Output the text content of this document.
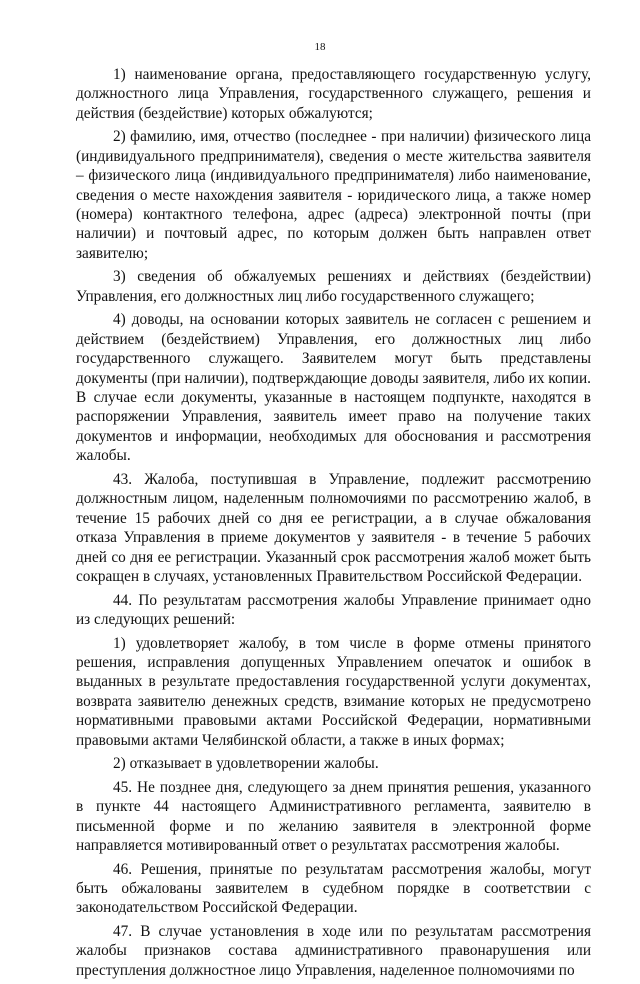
18

1) наименование органа, предоставляющего государственную услугу, должностного лица Управления, государственного служащего, решения и действия (бездействие) которых обжалуются;

2) фамилию, имя, отчество (последнее - при наличии) физического лица (индивидуального предпринимателя), сведения о месте жительства заявителя – физического лица (индивидуального предпринимателя) либо наименование, сведения о месте нахождения заявителя - юридического лица, а также номер (номера) контактного телефона, адрес (адреса) электронной почты (при наличии) и почтовый адрес, по которым должен быть направлен ответ заявителю;

3) сведения об обжалуемых решениях и действиях (бездействии) Управления, его должностных лиц либо государственного служащего;

4) доводы, на основании которых заявитель не согласен с решением и действием (бездействием) Управления, его должностных лиц либо государственного служащего. Заявителем могут быть представлены документы (при наличии), подтверждающие доводы заявителя, либо их копии. В случае если документы, указанные в настоящем подпункте, находятся в распоряжении Управления, заявитель имеет право на получение таких документов и информации, необходимых для обоснования и рассмотрения жалобы.

43. Жалоба, поступившая в Управление, подлежит рассмотрению должностным лицом, наделенным полномочиями по рассмотрению жалоб, в течение 15 рабочих дней со дня ее регистрации, а в случае обжалования отказа Управления в приеме документов у заявителя - в течение 5 рабочих дней со дня ее регистрации. Указанный срок рассмотрения жалоб может быть сокращен в случаях, установленных Правительством Российской Федерации.

44. По результатам рассмотрения жалобы Управление принимает одно из следующих решений:

1) удовлетворяет жалобу, в том числе в форме отмены принятого решения, исправления допущенных Управлением опечаток и ошибок в выданных в результате предоставления государственной услуги документах, возврата заявителю денежных средств, взимание которых не предусмотрено нормативными правовыми актами Российской Федерации, нормативными правовыми актами Челябинской области, а также в иных формах;

2) отказывает в удовлетворении жалобы.

45. Не позднее дня, следующего за днем принятия решения, указанного в пункте 44 настоящего Административного регламента, заявителю в письменной форме и по желанию заявителя в электронной форме направляется мотивированный ответ о результатах рассмотрения жалобы.

46. Решения, принятые по результатам рассмотрения жалобы, могут быть обжалованы заявителем в судебном порядке в соответствии с законодательством Российской Федерации.

47. В случае установления в ходе или по результатам рассмотрения жалобы признаков состава административного правонарушения или преступления должностное лицо Управления, наделенное полномочиями по
